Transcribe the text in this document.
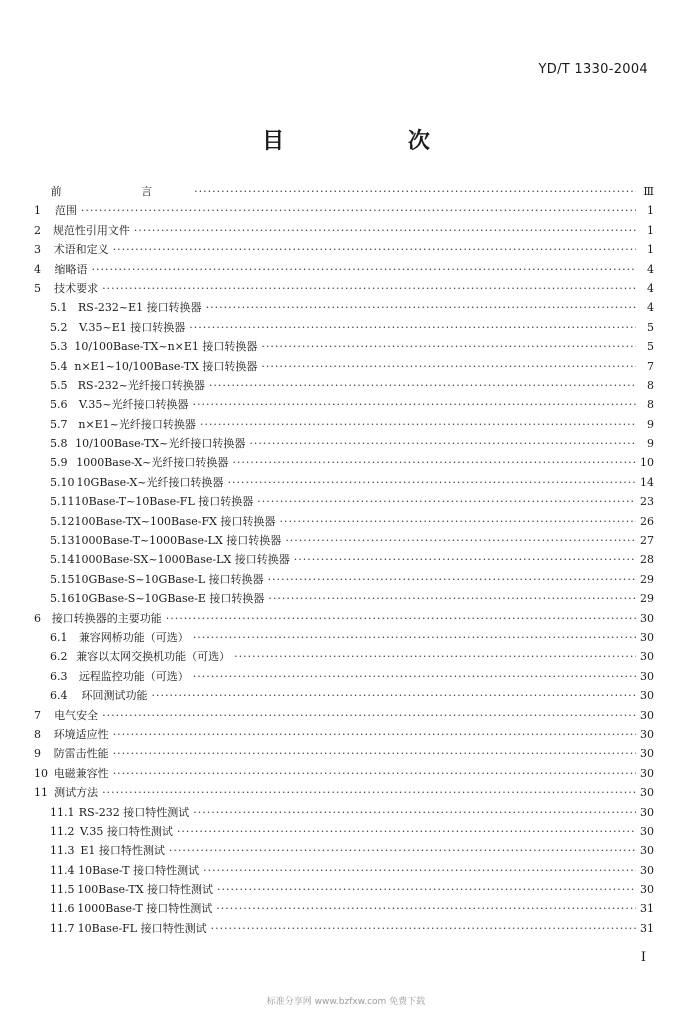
YD/T 1330-2004
目 次
前 言 ·····	Ⅲ
1	范围 ·····	1
2	规范性引用文件 ·····	1
3	术语和定义 ·····	1
4	缩略语 ·····	4
5	技术要求 ·····	4
5.1 RS-232~E1 接口转换器 ·····	4
5.2	V.35~E1 接口转换器 ·····	5
5.3 10/100Base-TX~n×E1 接口转换器 ·····	5
5.4 n×E1~10/100Base-TX 接口转换器 ·····	7
5.5 RS-232~光纤接口转换器 ·····	8
5.6	V.35~光纤接口转换器 ·····	8
5.7 n×E1~光纤接口转换器 ·····	9
5.8 10/100Base-TX~光纤接口转换器 ·····	9
5.9 1000Base-X~光纤接口转换器 ·····	10
5.10 10GBase-X~光纤接口转换器 ·····	14
5.11 10Base-T~10Base-FL 接口转换器 ·····	23
5.12 100Base-TX~100Base-FX 接口转换器 ·····	26
5.13 1000Base-T~1000Base-LX 接口转换器 ·····	27
5.14 1000Base-SX~1000Base-LX 接口转换器 ·····	28
5.15 10GBase-S~10GBase-L 接口转换器 ·····	29
5.16 10GBase-S~10GBase-E 接口转换器 ·····	29
6 接口转换器的主要功能 ·····	30
6.1	兼容网桥功能（可选） ·····	30
6.2 兼容以太网交换机功能（可选） ·····	30
6.3	远程监控功能（可选） ·····	30
6.4	环回测试功能 ·····	30
7	电气安全 ·····	30
8	环境适应性 ·····	30
9	防雷击性能 ·····	30
10 电磁兼容性 ·····	30
11 测试方法 ·····	30
11.1 RS-232 接口特性测试 ·····	30
11.2 V.35 接口特性测试 ·····	30
11.3 E1 接口特性测试 ·····	30
11.4 10Base-T 接口特性测试 ·····	30
11.5 100Base-TX 接口特性测试 ·····	30
11.6 1000Base-T 接口特性测试 ·····	31
11.7 10Base-FL 接口特性测试 ·····	31
I
标准分享网 www.bzfxw.com 免费下载
